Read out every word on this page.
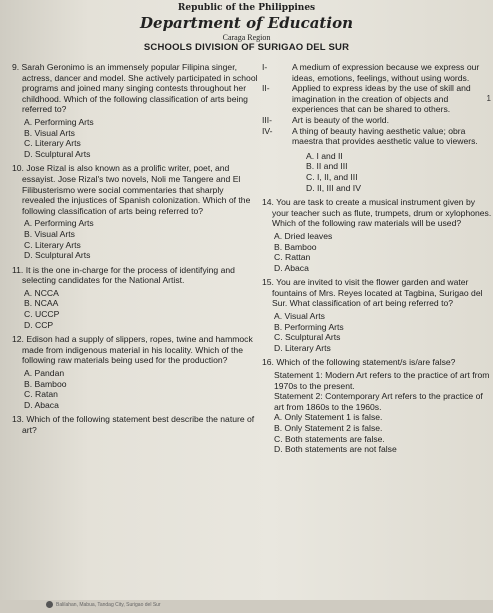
Republic of the Philippines
Department of Education
Caraga Region
SCHOOLS DIVISION OF SURIGAO DEL SUR

9. Sarah Geronimo is an immensely popular Filipina singer, actress, dancer and model. She actively participated in school programs and joined many singing contests throughout her childhood. Which of the following classification of arts being referred to?

A. Performing Arts

B. Visual Arts

C. Literary Arts

D. Sculptural Arts

10. Jose Rizal is also known as a prolific writer, poet, and essayist. Jose Rizal's two novels, Noli me Tangere and El Filibusterismo were social commentaries that sharply revealed the injustices of Spanish colonization. Which of the following classification of arts being referred to?

A. Performing Arts

B. Visual Arts

C. Literary Arts

D. Sculptural Arts

11. It is the one in-charge for the process of identifying and selecting candidates for the National Artist.

A. NCCA

B. NCAA

C. UCCP

D. CCP

12. Edison had a supply of slippers, ropes, twine and hammock made from indigenous material in his locality. Which of the following raw materials being used for the production?

A. Pandan

B. Bamboo

C. Ratan

D. Abaca

13. Which of the following statement best describe the nature of art?

I-	A medium of expression because we express our ideas, emotions, feelings, without using words.
II-	Applied to express ideas by the use of skill and imagination in the creation of objects and experiences that can be shared to others.
III-	Art is beauty of the world.
IV-	A thing of beauty having aesthetic value; obra maestra that provides aesthetic value to viewers.

A. I and II

B. II and III

C. I, II, and III

D. II, III and IV

14. You are task to create a musical instrument given by your teacher such as flute, trumpets, drum or xylophones. Which of the following raw materials will be used?

A. Dried leaves

B. Bamboo

C. Rattan

D. Abaca

15. You are invited to visit the flower garden and water fountains of Mrs. Reyes located at Tagbina, Surigao del Sur. What classification of art being referred to?

A. Visual Arts

B. Performing Arts

C. Sculptural Arts

D. Literary Arts

16. Which of the following statement/s is/are false?

Statement 1: Modern Art refers to the practice of art from 1970s to the present.

Statement 2: Contemporary Art refers to the practice of art from 1860s to the 1960s.

A. Only Statement 1 is false.

B. Only Statement 2 is false.

C. Both statements are false.

D. Both statements are not false

1
Balilahan, Mabua, Tandag City, Surigao del Sur
